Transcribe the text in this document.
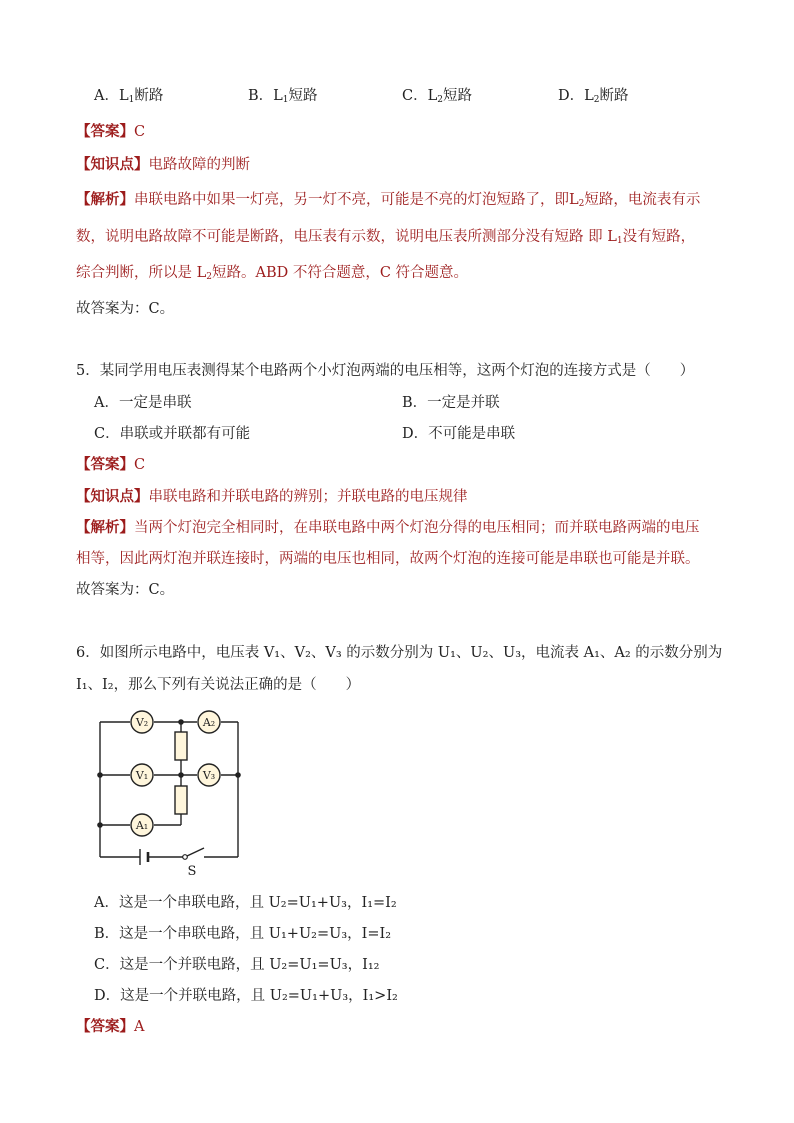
A．$L_1$断路	B．$L_1$短路	C．$L_2$短路	D．$L_2$断路
【答案】C
【知识点】电路故障的判断
【解析】串联电路中如果一灯亮，另一灯不亮，可能是不亮的灯泡短路了，即$L_2$短路，电流表有示
数，说明电路故障不可能是断路，电压表有示数，说明电压表所测部分没有短路 即 $L_1$没有短路，
综合判断，所以是 $L_2$短路。ABD 不符合题意，C 符合题意。
故答案为：C。
5．某同学用电压表测得某个电路两个小灯泡两端的电压相等，这两个灯泡的连接方式是（　　）
A．一定是串联	B．一定是并联
C．串联或并联都有可能	D．不可能是串联
【答案】C
【知识点】串联电路和并联电路的辨别；并联电路的电压规律
【解析】当两个灯泡完全相同时，在串联电路中两个灯泡分得的电压相同；而并联电路两端的电压
相等，因此两灯泡并联连接时，两端的电压也相同，故两个灯泡的连接可能是串联也可能是并联。
故答案为：C。
6．如图所示电路中，电压表 V₁、V₂、V₃ 的示数分别为 U₁、U₂、U₃，电流表 A₁、A₂ 的示数分别为
I₁、I₂，那么下列有关说法正确的是（　　）
V₂	A₂
V₁	V₃
A₁
S
A．这是一个串联电路，且 U₂=U₁+U₃，I₁=I₂
B．这是一个串联电路，且 U₁+U₂=U₃，I=I₂
C．这是一个并联电路，且 U₂=U₁=U₃，I₁₂
D．这是一个并联电路，且 U₂=U₁+U₃，I₁>I₂
【答案】A
